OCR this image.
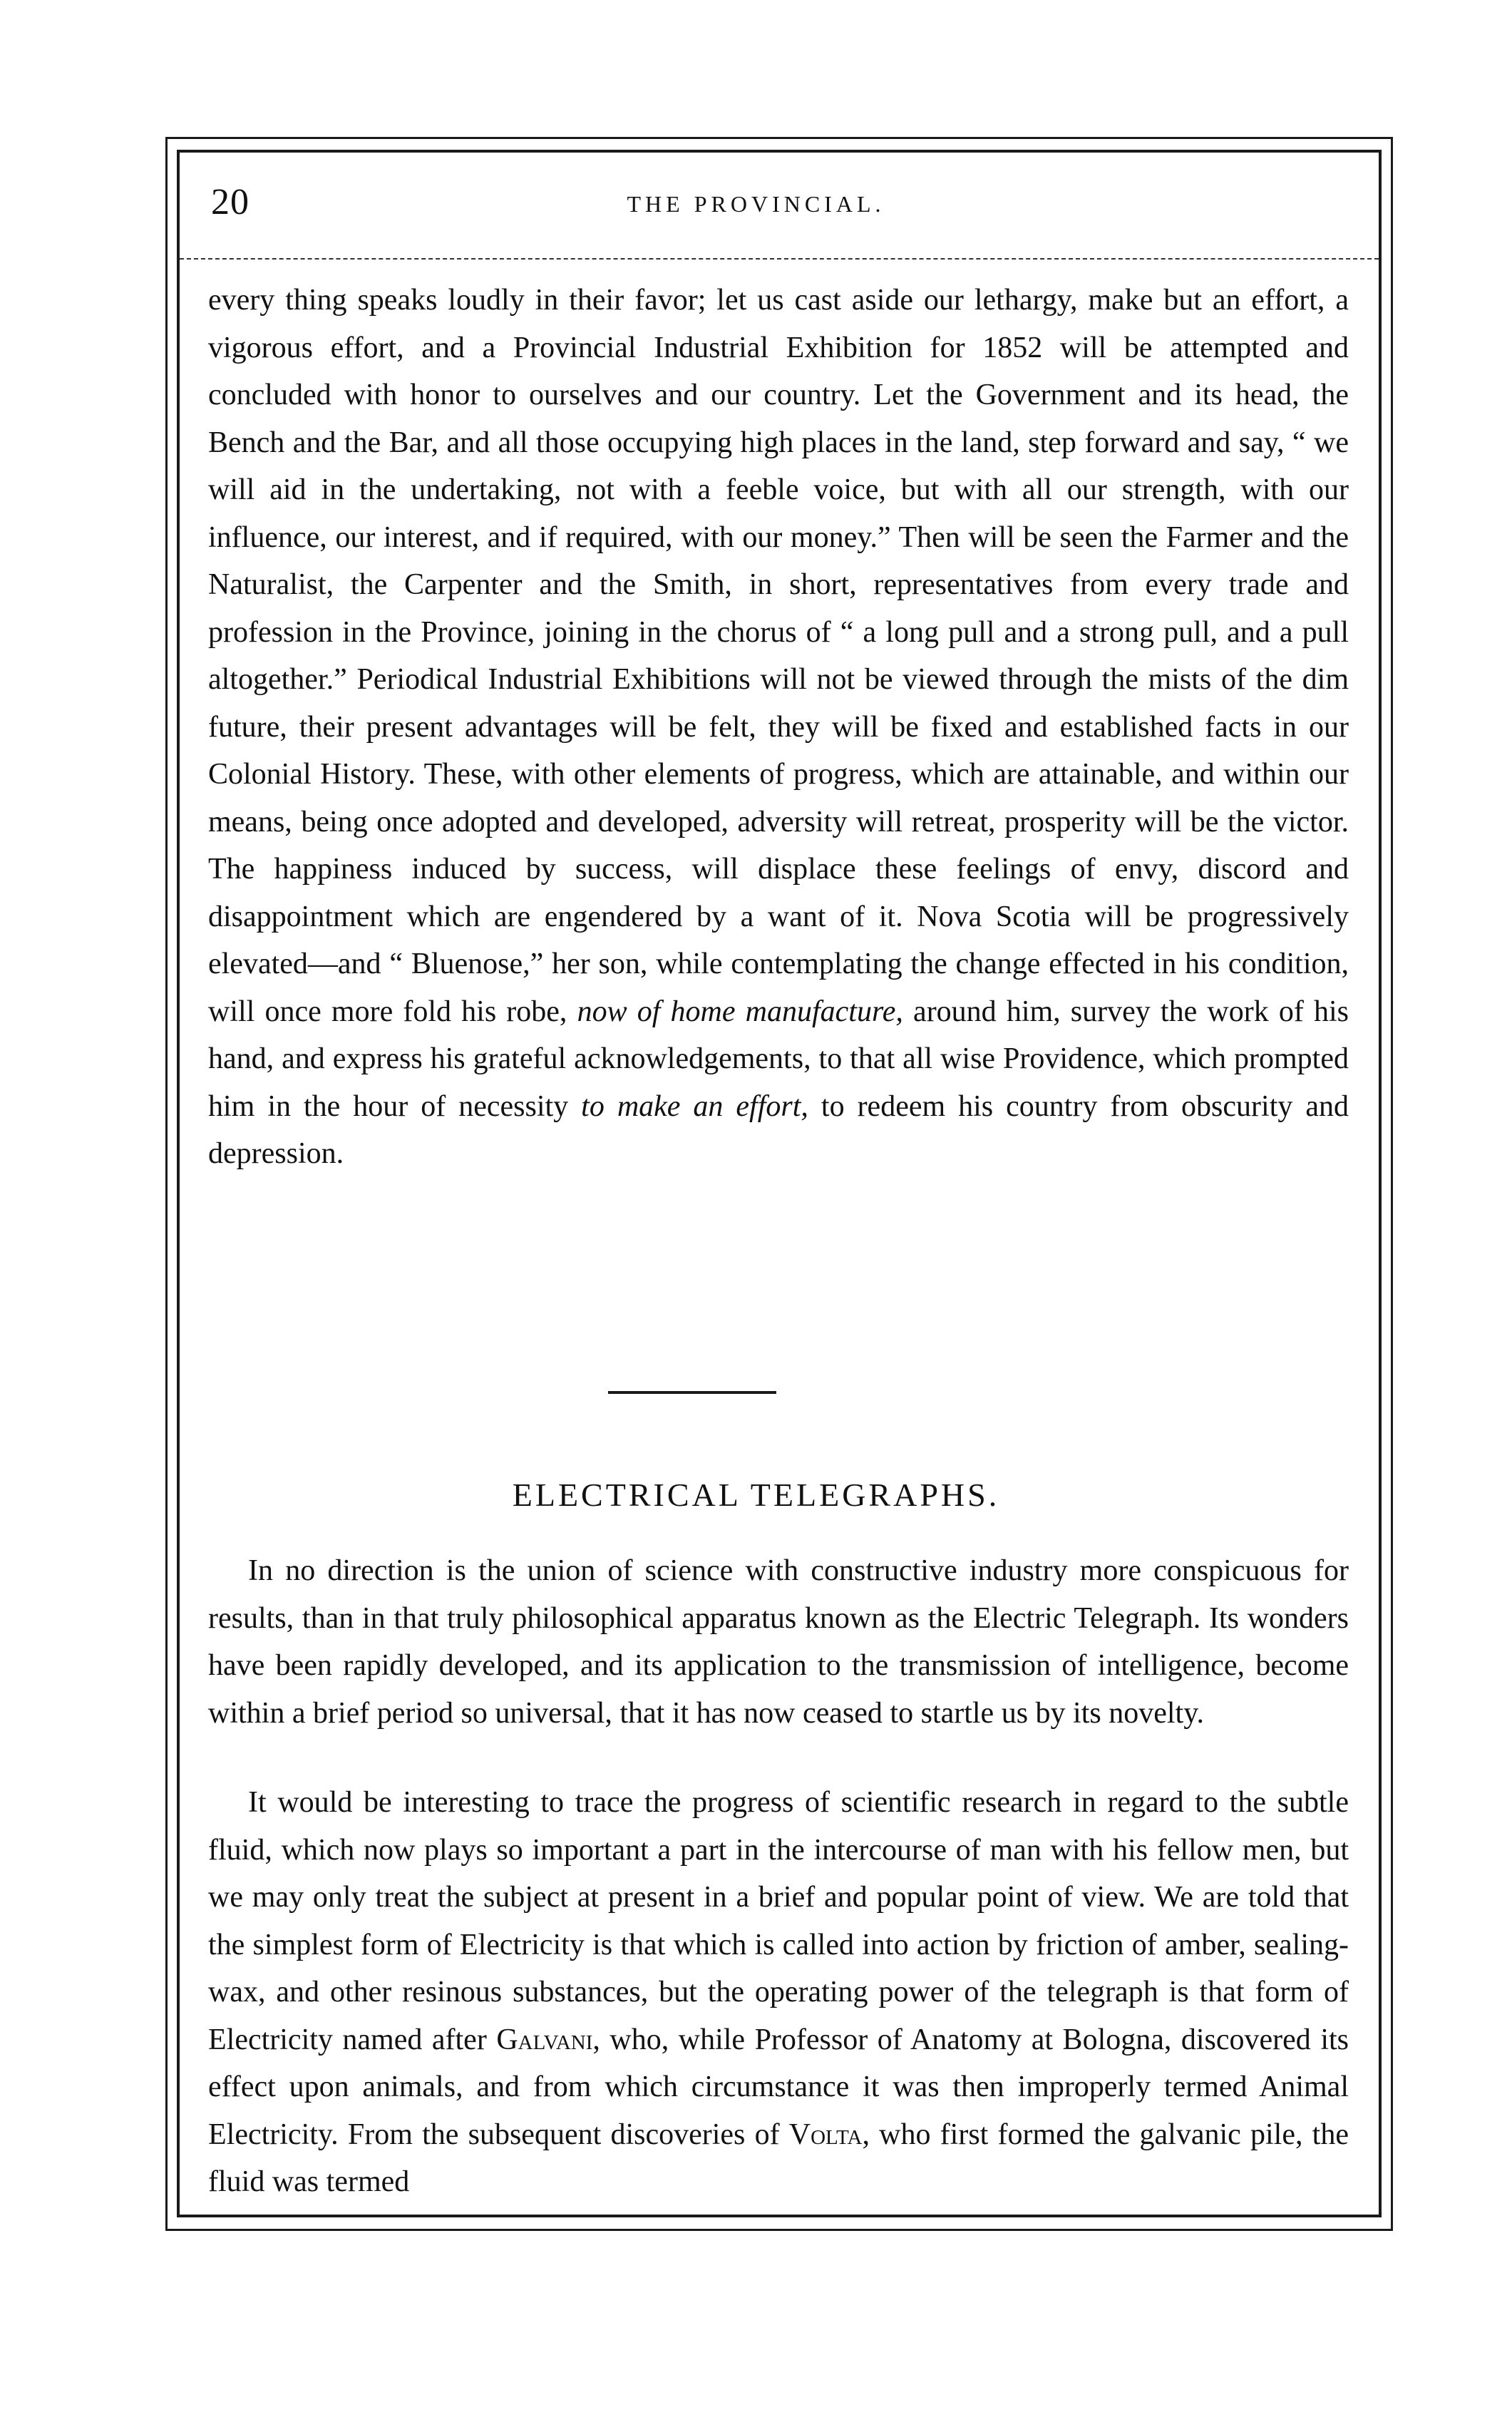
20	THE PROVINCIAL.

every thing speaks loudly in their favor; let us cast aside our lethargy, make but an effort, a vigorous effort, and a Provincial Industrial Exhibition for 1852 will be attempted and concluded with honor to ourselves and our country. Let the Government and its head, the Bench and the Bar, and all those occupying high places in the land, step forward and say, “ we will aid in the undertaking, not with a feeble voice, but with all our strength, with our influence, our interest, and if required, with our money.” Then will be seen the Farmer and the Naturalist, the Carpenter and the Smith, in short, representatives from every trade and profession in the Province, joining in the chorus of “ a long pull and a strong pull, and a pull altogether.” Periodical Industrial Exhibitions will not be viewed through the mists of the dim future, their present advantages will be felt, they will be fixed and established facts in our Colonial History. These, with other elements of progress, which are attainable, and within our means, being once adopted and developed, adversity will retreat, prosperity will be the victor. The happiness induced by success, will displace these feelings of envy, discord and disappointment which are engendered by a want of it. Nova Scotia will be progressively elevated—and “ Bluenose,” her son, while contemplating the change effected in his condition, will once more fold his robe, now of home manufacture, around him, survey the work of his hand, and express his grateful acknowledgements, to that all wise Providence, which prompted him in the hour of necessity to make an effort, to redeem his country from obscurity and depression.

ELECTRICAL TELEGRAPHS.

In no direction is the union of science with constructive industry more conspicuous for results, than in that truly philosophical apparatus known as the Electric Telegraph. Its wonders have been rapidly developed, and its application to the transmission of intelligence, become within a brief period so universal, that it has now ceased to startle us by its novelty.

It would be interesting to trace the progress of scientific research in regard to the subtle fluid, which now plays so important a part in the intercourse of man with his fellow men, but we may only treat the subject at present in a brief and popular point of view. We are told that the simplest form of Electricity is that which is called into action by friction of amber, sealing-wax, and other resinous substances, but the operating power of the telegraph is that form of Electricity named after Galvani, who, while Professor of Anatomy at Bologna, discovered its effect upon animals, and from which circumstance it was then improperly termed Animal Electricity. From the subsequent discoveries of Volta, who first formed the galvanic pile, the fluid was termed
